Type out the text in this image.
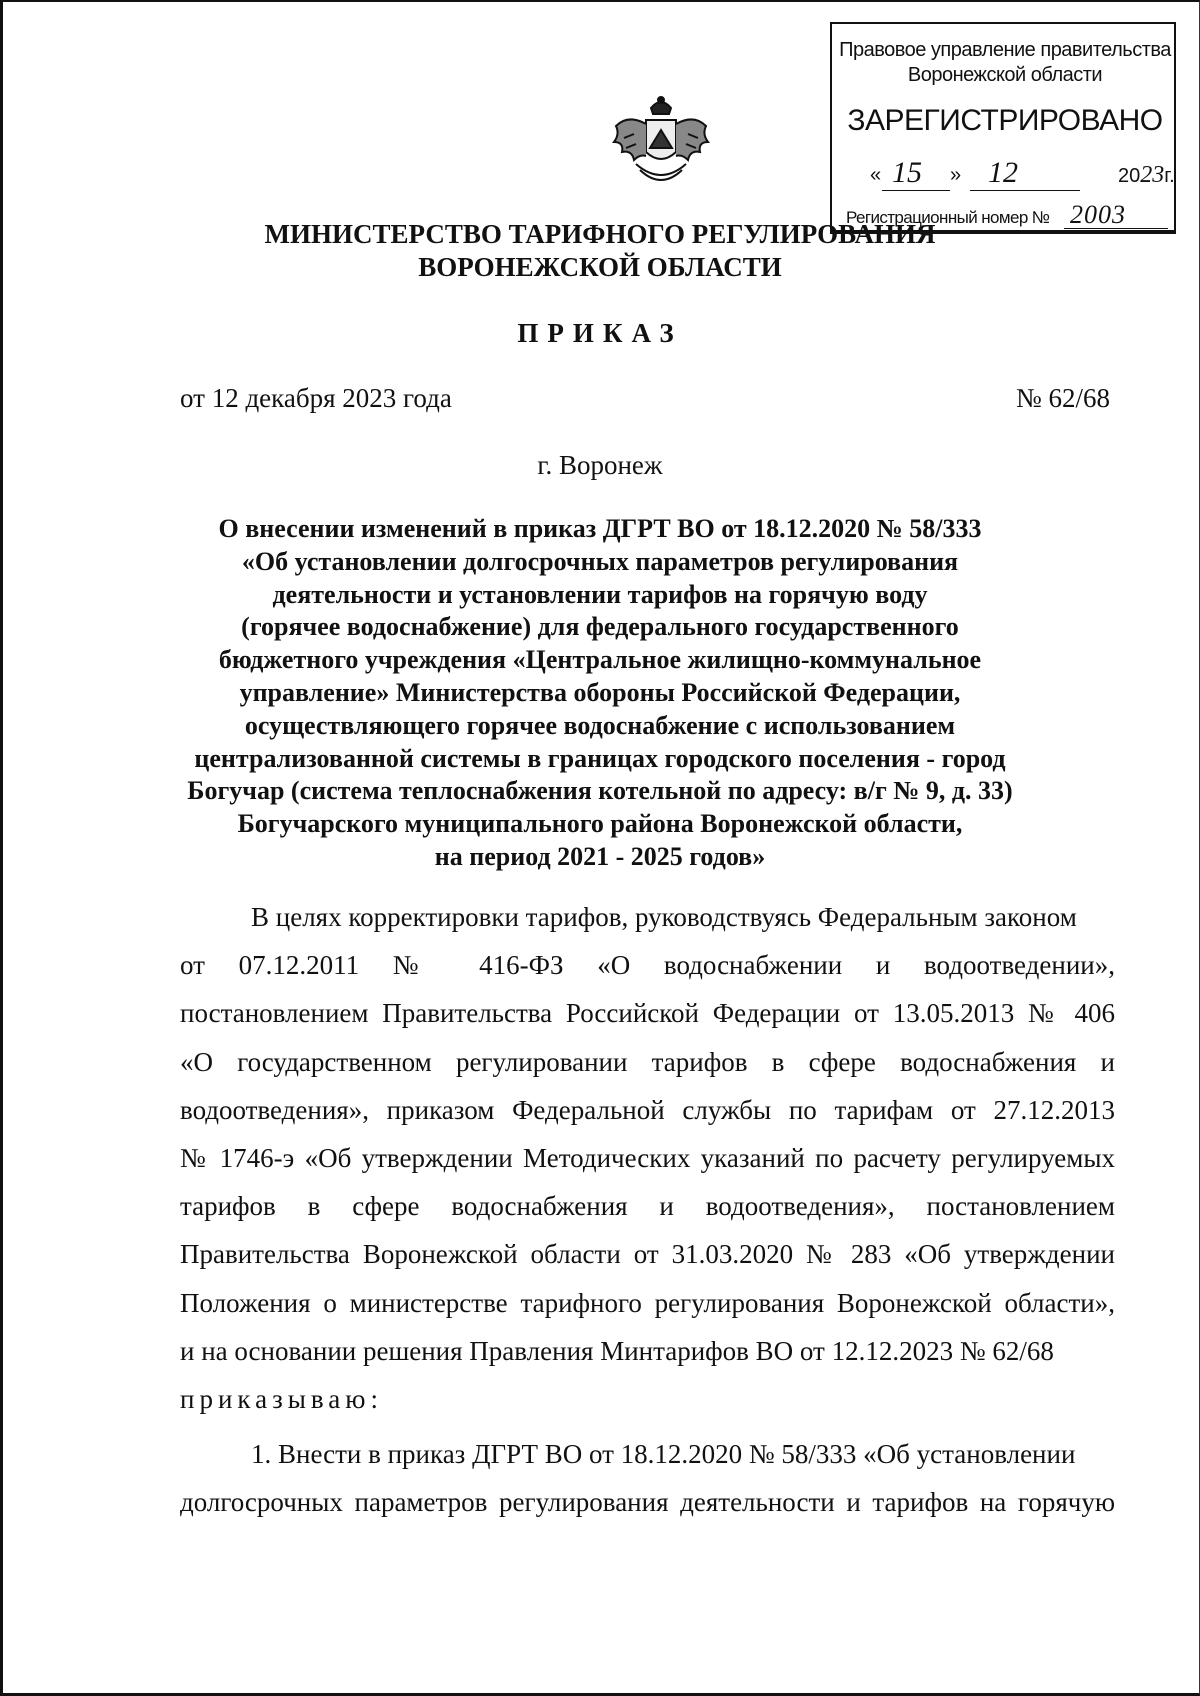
Правовое управление правительства
Воронежской области
ЗАРЕГИСТРИРОВАНО
« 15 » 12	2023г.
Регистрационный номер № 2003
МИНИСТЕРСТВО ТАРИФНОГО РЕГУЛИРОВАНИЯ
ВОРОНЕЖСКОЙ ОБЛАСТИ
ПРИКАЗ
от 12 декабря 2023 года	№ 62/68
г. Воронеж
О внесении изменений в приказ ДГРТ ВО от 18.12.2020 № 58/333
«Об установлении долгосрочных параметров регулирования
деятельности и установлении тарифов на горячую воду
(горячее водоснабжение) для федерального государственного
бюджетного учреждения «Центральное жилищно-коммунальное
управление» Министерства обороны Российской Федерации,
осуществляющего горячее водоснабжение с использованием
централизованной системы в границах городского поселения - город
Богучар (система теплоснабжения котельной по адресу: в/г № 9, д. 33)
Богучарского муниципального района Воронежской области,
на период 2021 - 2025 годов»
В целях корректировки тарифов, руководствуясь Федеральным законом
от 07.12.2011 № 416-ФЗ «О водоснабжении и водоотведении»,
постановлением Правительства Российской Федерации от 13.05.2013 № 406
«О государственном регулировании тарифов в сфере водоснабжения и
водоотведения», приказом Федеральной службы по тарифам от 27.12.2013
№ 1746-э «Об утверждении Методических указаний по расчету регулируемых
тарифов в сфере водоснабжения и водоотведения», постановлением
Правительства Воронежской области от 31.03.2020 № 283 «Об утверждении
Положения о министерстве тарифного регулирования Воронежской области»,
и на основании решения Правления Минтарифов ВО от 12.12.2023 № 62/68
приказываю:
1. Внести в приказ ДГРТ ВО от 18.12.2020 № 58/333 «Об установлении
долгосрочных параметров регулирования деятельности и тарифов на горячую
